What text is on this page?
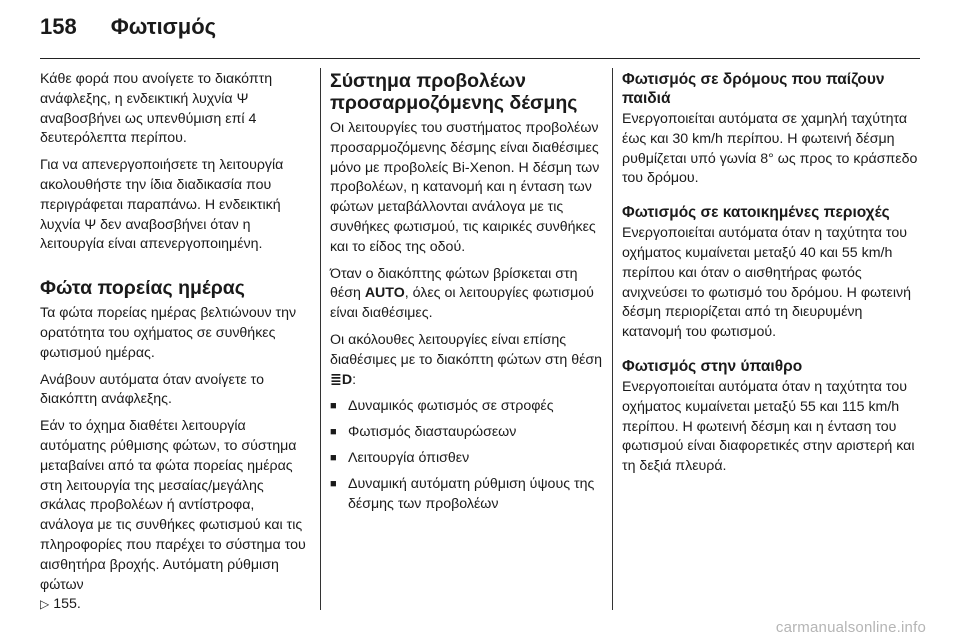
158 Φωτισμός

Κάθε φορά που ανοίγετε το διακόπτη ανάφλεξης, η ενδεικτική λυχνία Ψ αναβοσβήνει ως υπενθύμιση επί 4 δευτερόλεπτα περίπου.

Για να απενεργοποιήσετε τη λειτουργία ακολουθήστε την ίδια διαδικασία που περιγράφεται παραπάνω. Η ενδεικτική λυχνία Ψ δεν αναβοσβήνει όταν η λειτουργία είναι απενεργοποιημένη.

Φώτα πορείας ημέρας

Τα φώτα πορείας ημέρας βελτιώνουν την ορατότητα του οχήματος σε συνθήκες φωτισμού ημέρας.

Ανάβουν αυτόματα όταν ανοίγετε το διακόπτη ανάφλεξης.

Εάν το όχημα διαθέτει λειτουργία αυτόματης ρύθμισης φώτων, το σύστημα μεταβαίνει από τα φώτα πορείας ημέρας στη λειτουργία της μεσαίας/μεγάλης σκάλας προβολέων ή αντίστροφα, ανάλογα με τις συνθήκες φωτισμού και τις πληροφορίες που παρέχει το σύστημα του αισθητήρα βροχής. Αυτόματη ρύθμιση φώτων
▷ 155.

Σύστημα προβολέων προσαρμοζόμενης δέσμης

Οι λειτουργίες του συστήματος προβολέων προσαρμοζόμενης δέσμης είναι διαθέσιμες μόνο με προβολείς Bi-Xenon. Η δέσμη των προβολέων, η κατανομή και η ένταση των φώτων μεταβάλλονται ανάλογα με τις συνθήκες φωτισμού, τις καιρικές συνθήκες και το είδος της οδού.

Όταν ο διακόπτης φώτων βρίσκεται στη θέση AUTO, όλες οι λειτουργίες φωτισμού είναι διαθέσιμες.

Οι ακόλουθες λειτουργίες είναι επίσης διαθέσιμες με το διακόπτη φώτων στη θέση ≣D:

■ Δυναμικός φωτισμός σε στροφές
■ Φωτισμός διασταυρώσεων
■ Λειτουργία όπισθεν
■ Δυναμική αυτόματη ρύθμιση ύψους της δέσμης των προβολέων
Φωτισμός σε δρόμους που παίζουν παιδιά

Ενεργοποιείται αυτόματα σε χαμηλή ταχύτητα έως και 30 km/h περίπου. Η φωτεινή δέσμη ρυθμίζεται υπό γωνία 8° ως προς το κράσπεδο του δρόμου.

Φωτισμός σε κατοικημένες περιοχές

Ενεργοποιείται αυτόματα όταν η ταχύτητα του οχήματος κυμαίνεται μεταξύ 40 και 55 km/h περίπου και όταν ο αισθητήρας φωτός ανιχνεύσει το φωτισμό του δρόμου. Η φωτεινή δέσμη περιορίζεται από τη διευρυμένη κατανομή του φωτισμού.

Φωτισμός στην ύπαιθρο

Ενεργοποιείται αυτόματα όταν η ταχύτητα του οχήματος κυμαίνεται μεταξύ 55 και 115 km/h περίπου. Η φωτεινή δέσμη και η ένταση του φωτισμού είναι διαφορετικές στην αριστερή και τη δεξιά πλευρά.

carmanualsonline.info
